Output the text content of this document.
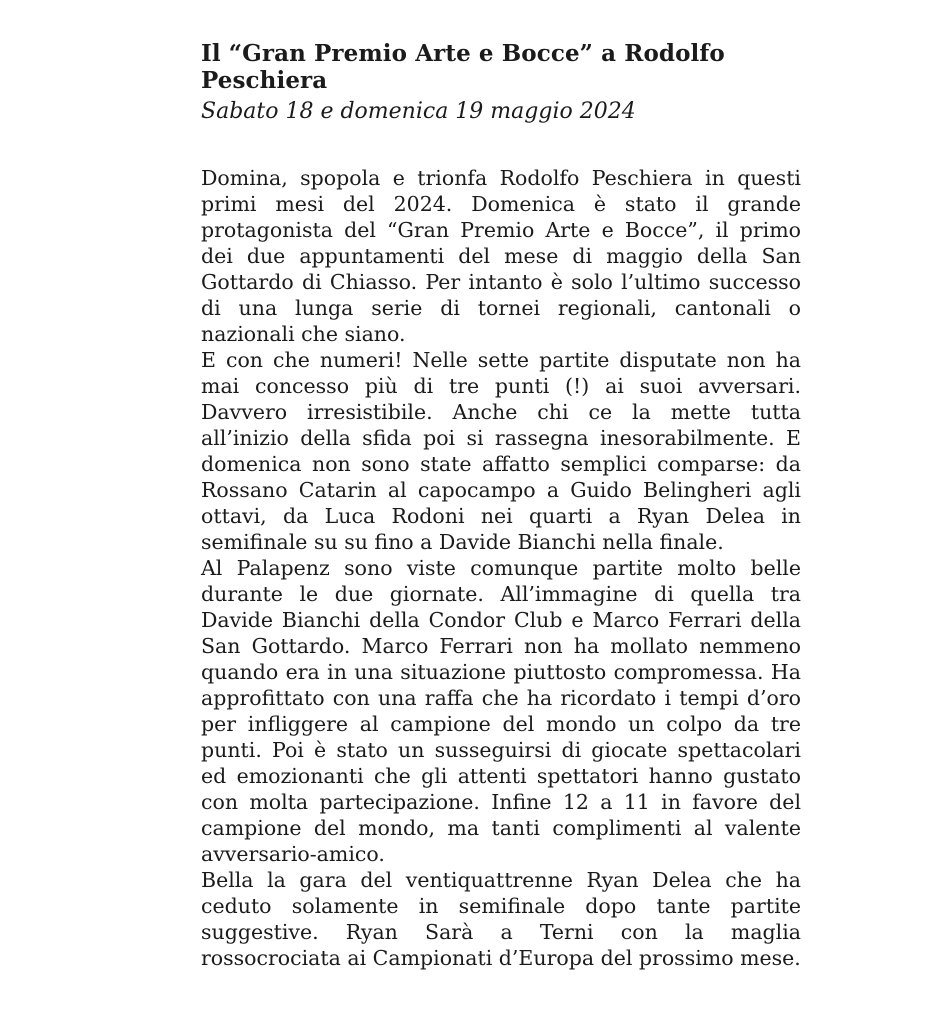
Il “Gran Premio Arte e Bocce” a Rodolfo Peschiera
Sabato 18 e domenica 19 maggio 2024

Domina, spopola e trionfa Rodolfo Peschiera in questi primi mesi del 2024. Domenica è stato il grande protagonista del “Gran Premio Arte e Bocce”, il primo dei due appuntamenti del mese di maggio della San Gottardo di Chiasso. Per intanto è solo l’ultimo successo di una lunga serie di tornei regionali, cantonali o nazionali che siano.

E con che numeri! Nelle sette partite disputate non ha mai concesso più di tre punti (!) ai suoi avversari. Davvero irresistibile. Anche chi ce la mette tutta all’inizio della sfida poi si rassegna inesorabilmente. E domenica non sono state affatto semplici comparse: da Rossano Catarin al capocampo a Guido Belingheri agli ottavi, da Luca Rodoni nei quarti a Ryan Delea in semifinale su su fino a Davide Bianchi nella finale.

Al Palapenz sono viste comunque partite molto belle durante le due giornate. All’immagine di quella tra Davide Bianchi della Condor Club e Marco Ferrari della San Gottardo. Marco Ferrari non ha mollato nemmeno quando era in una situazione piuttosto compromessa. Ha approfittato con una raffa che ha ricordato i tempi d’oro per infliggere al campione del mondo un colpo da tre punti. Poi è stato un susseguirsi di giocate spettacolari ed emozionanti che gli attenti spettatori hanno gustato con molta partecipazione. Infine 12 a 11 in favore del campione del mondo, ma tanti complimenti al valente avversario-amico.

Bella la gara del ventiquattrenne Ryan Delea che ha ceduto solamente in semifinale dopo tante partite suggestive. Ryan Sarà a Terni con la maglia rossocrociata ai Campionati d’Europa del prossimo mese.
